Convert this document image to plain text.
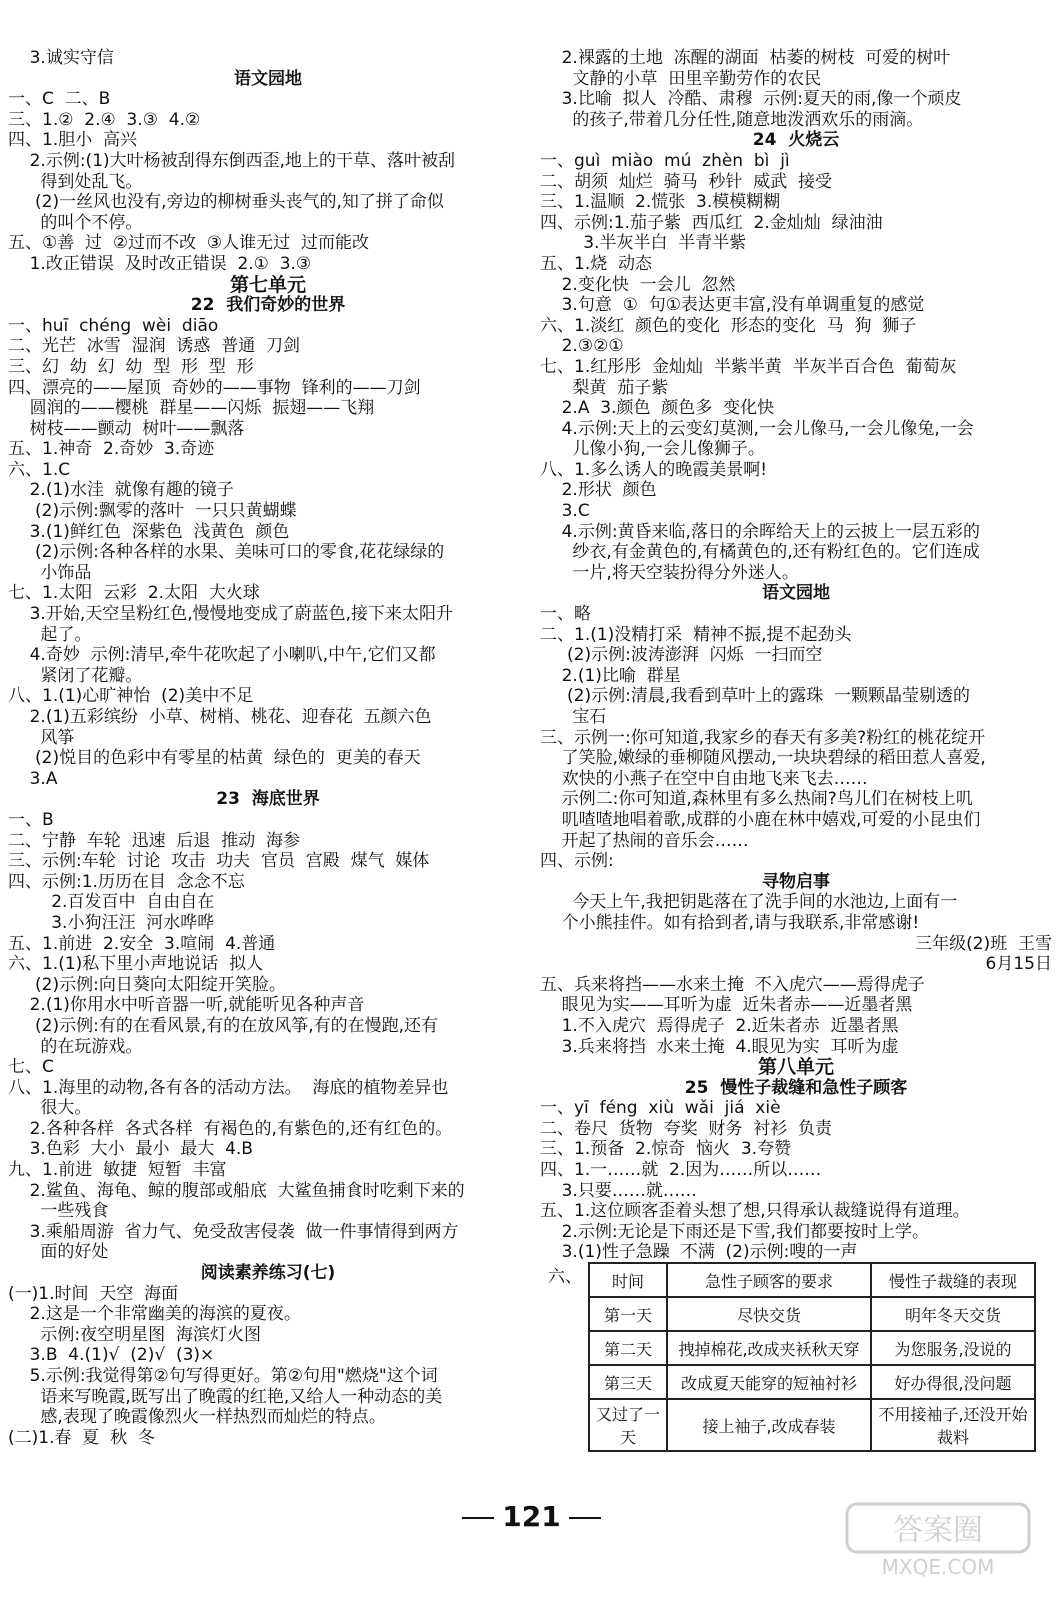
3.诚实守信
语文园地
一、C  二、B
三、1.②  2.④  3.③  4.②
四、1.胆小  高兴
2.示例:(1)大叶杨被刮得东倒西歪,地上的干草、落叶被刮
得到处乱飞。
(2)一丝风也没有,旁边的柳树垂头丧气的,知了拼了命似
的叫个不停。
五、①善  过  ②过而不改  ③人谁无过  过而能改
1.改正错误  及时改正错误  2.①  3.③
第七单元
22  我们奇妙的世界
一、huī  chéng  wèi  diāo
二、光芒  冰雪  湿润  诱惑  普通  刀剑
三、幻  幼  幻  幼  型  形  型  形
四、漂亮的——屋顶  奇妙的——事物  锋利的——刀剑
圆润的——樱桃  群星——闪烁  振翅——飞翔
树枝——颤动  树叶——飘落
五、1.神奇  2.奇妙  3.奇迹
六、1.C
2.(1)水洼  就像有趣的镜子
(2)示例:飘零的落叶  一只只黄蝴蝶
3.(1)鲜红色  深紫色  浅黄色  颜色
(2)示例:各种各样的水果、美味可口的零食,花花绿绿的
小饰品
七、1.太阳  云彩  2.太阳  大火球
3.开始,天空呈粉红色,慢慢地变成了蔚蓝色,接下来太阳升
起了。
4.奇妙  示例:清早,牵牛花吹起了小喇叭,中午,它们又都
紧闭了花瓣。
八、1.(1)心旷神怡  (2)美中不足
2.(1)五彩缤纷  小草、树梢、桃花、迎春花  五颜六色
风筝
(2)悦目的色彩中有零星的枯黄  绿色的  更美的春天
3.A
23  海底世界
一、B
二、宁静  车轮  迅速  后退  推动  海参
三、示例:车轮  讨论  攻击  功夫  官员  宫殿  煤气  媒体
四、示例:1.历历在目  念念不忘
2.百发百中  自由自在
3.小狗汪汪  河水哗哗
五、1.前进  2.安全  3.喧闹  4.普通
六、1.(1)私下里小声地说话  拟人
(2)示例:向日葵向太阳绽开笑脸。
2.(1)你用水中听音器一听,就能听见各种声音
(2)示例:有的在看风景,有的在放风筝,有的在慢跑,还有
的在玩游戏。
七、C
八、1.海里的动物,各有各的活动方法。  海底的植物差异也
很大。
2.各种各样  各式各样  有褐色的,有紫色的,还有红色的。
3.色彩  大小  最小  最大  4.B
九、1.前进  敏捷  短暂  丰富
2.鲨鱼、海龟、鲸的腹部或船底  大鲨鱼捕食时吃剩下来的
一些残食
3.乘船周游  省力气、免受敌害侵袭  做一件事情得到两方
面的好处
阅读素养练习(七)
(一)1.时间  天空  海面
2.这是一个非常幽美的海滨的夏夜。
示例:夜空明星图  海滨灯火图
3.B  4.(1)√  (2)√  (3)×
5.示例:我觉得第②句写得更好。第②句用"燃烧"这个词
语来写晚霞,既写出了晚霞的红艳,又给人一种动态的美
感,表现了晚霞像烈火一样热烈而灿烂的特点。
(二)1.春  夏  秋  冬
2.裸露的土地  冻醒的湖面  枯萎的树枝  可爱的树叶
文静的小草  田里辛勤劳作的农民
3.比喻  拟人  冷酷、肃穆  示例:夏天的雨,像一个顽皮
的孩子,带着几分任性,随意地泼洒欢乐的雨滴。
24  火烧云
一、guì  miào  mú  zhèn  bì  jì
二、胡须  灿烂  骑马  秒针  威武  接受
三、1.温顺  2.慌张  3.模模糊糊
四、示例:1.茄子紫  西瓜红  2.金灿灿  绿油油
3.半灰半白  半青半紫
五、1.烧  动态
2.变化快  一会儿  忽然
3.句意  ①  句①表达更丰富,没有单调重复的感觉
六、1.淡红  颜色的变化  形态的变化  马  狗  狮子
2.③②①
七、1.红彤彤  金灿灿  半紫半黄  半灰半百合色  葡萄灰
梨黄  茄子紫
2.A  3.颜色  颜色多  变化快
4.示例:天上的云变幻莫测,一会儿像马,一会儿像兔,一会
儿像小狗,一会儿像狮子。
八、1.多么诱人的晚霞美景啊!
2.形状  颜色
3.C
4.示例:黄昏来临,落日的余晖给天上的云披上一层五彩的
纱衣,有金黄色的,有橘黄色的,还有粉红色的。它们连成
一片,将天空装扮得分外迷人。
语文园地
一、略
二、1.(1)没精打采  精神不振,提不起劲头
(2)示例:波涛澎湃  闪烁  一扫而空
2.(1)比喻  群星
(2)示例:清晨,我看到草叶上的露珠  一颗颗晶莹剔透的
宝石
三、示例一:你可知道,我家乡的春天有多美?粉红的桃花绽开
了笑脸,嫩绿的垂柳随风摆动,一块块碧绿的稻田惹人喜爱,
欢快的小燕子在空中自由地飞来飞去……
示例二:你可知道,森林里有多么热闹?鸟儿们在树枝上叽
叽喳喳地唱着歌,成群的小鹿在林中嬉戏,可爱的小昆虫们
开起了热闹的音乐会……
四、示例:
寻物启事
今天上午,我把钥匙落在了洗手间的水池边,上面有一
个小熊挂件。如有拾到者,请与我联系,非常感谢!
三年级(2)班  王雪
6月15日
五、兵来将挡——水来土掩  不入虎穴——焉得虎子
眼见为实——耳听为虚  近朱者赤——近墨者黑
1.不入虎穴  焉得虎子  2.近朱者赤  近墨者黑
3.兵来将挡  水来土掩  4.眼见为实  耳听为虚
第八单元
25  慢性子裁缝和急性子顾客
一、yī  féng  xiù  wǎi  jiá  xiè
二、卷尺  货物  夸奖  财务  衬衫  负责
三、1.预备  2.惊奇  恼火  3.夸赞
四、1.一……就  2.因为……所以……
3.只要……就……
五、1.这位顾客歪着头想了想,只得承认裁缝说得有道理。
2.示例:无论是下雨还是下雪,我们都要按时上学。
3.(1)性子急躁  不满  (2)示例:嗖的一声
六、 时间	急性子顾客的要求	慢性子裁缝的表现
第一天	尽快交货	明年冬天交货
第二天	拽掉棉花,改成夹袄秋天穿	为您服务,没说的
第三天	改成夏天能穿的短袖衬衫	好办得很,没问题
又过了一天	接上袖子,改成春装	不用接袖子,还没开始裁料
121	答案圈
MXQE.COM
